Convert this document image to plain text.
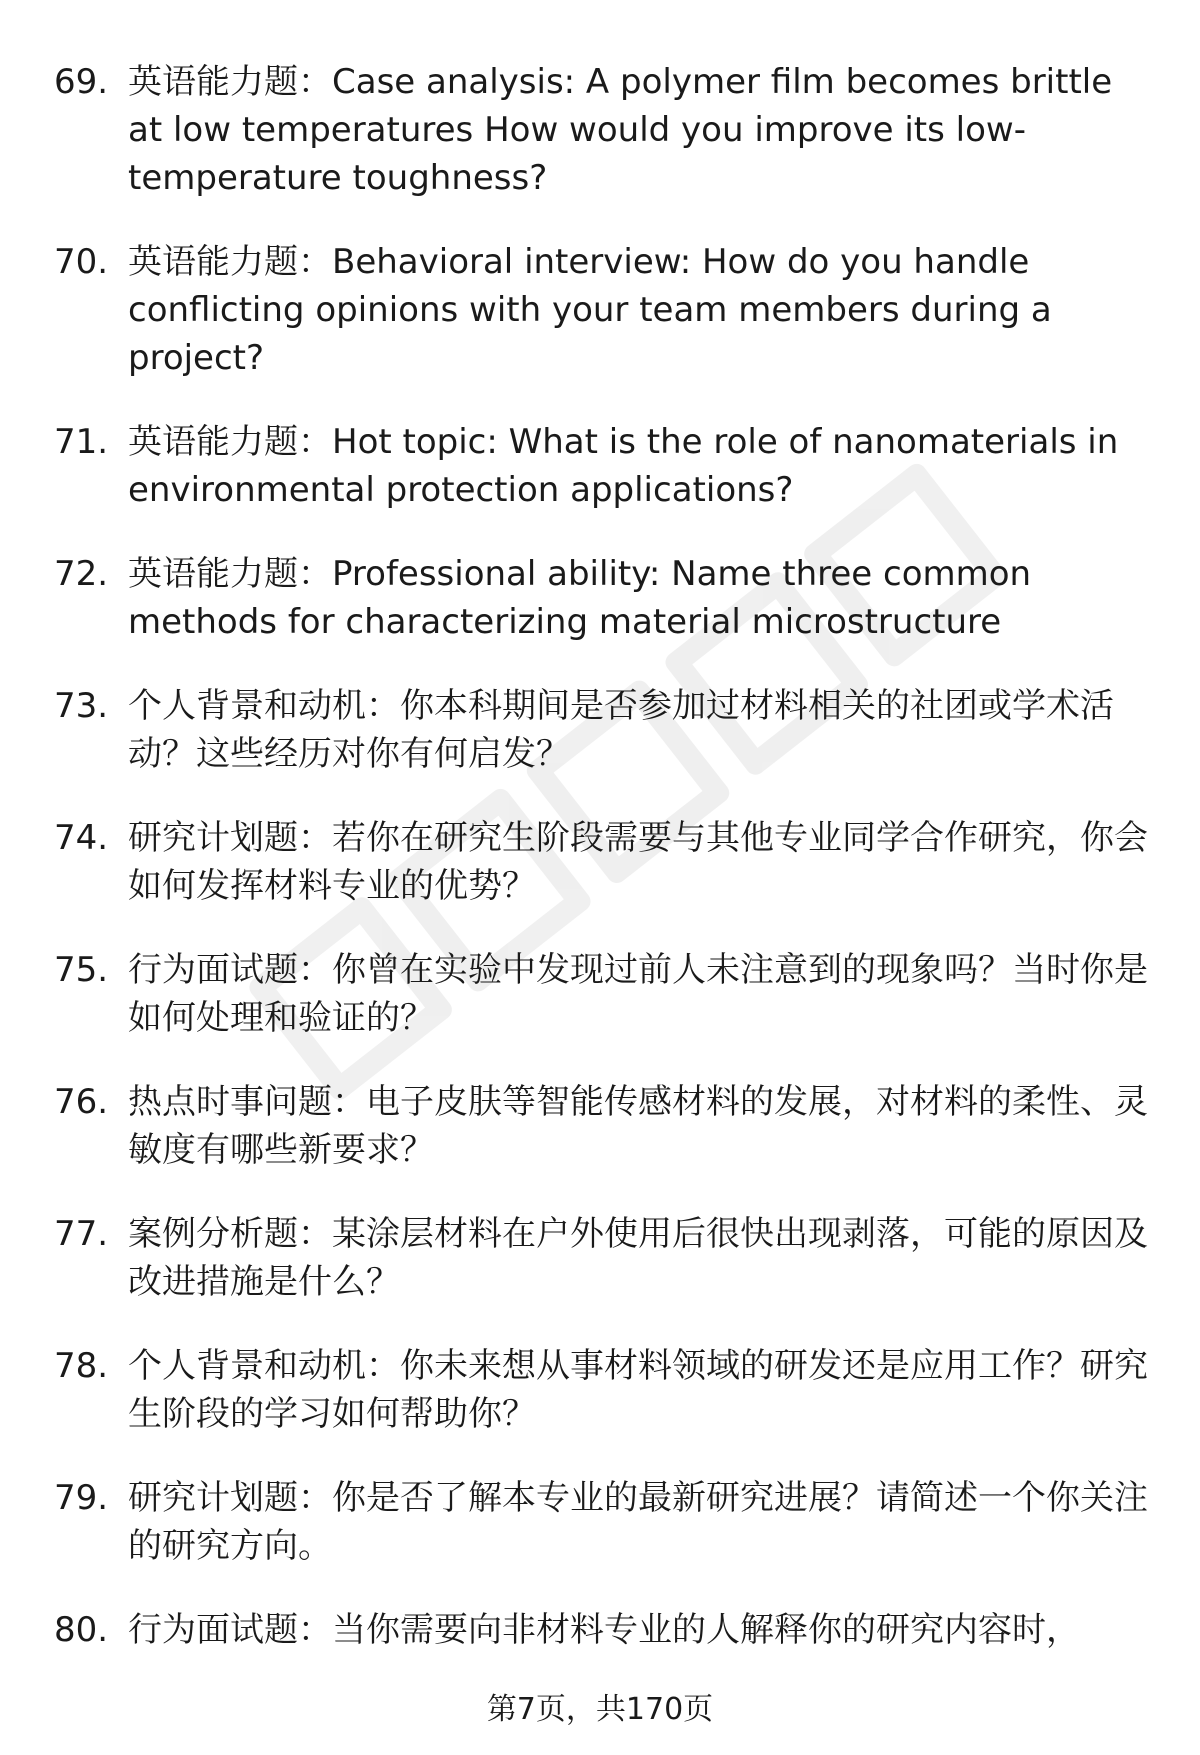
69. 英语能力题：Case analysis: A polymer film becomes brittle at low temperatures How would you improve its low-temperature toughness?
70. 英语能力题：Behavioral interview: How do you handle conflicting opinions with your team members during a project?
71. 英语能力题：Hot topic: What is the role of nanomaterials in environmental protection applications?
72. 英语能力题：Professional ability: Name three common methods for characterizing material microstructure
73. 个人背景和动机：你本科期间是否参加过材料相关的社团或学术活动？这些经历对你有何启发？
74. 研究计划题：若你在研究生阶段需要与其他专业同学合作研究，你会如何发挥材料专业的优势？
75. 行为面试题：你曾在实验中发现过前人未注意到的现象吗？当时你是如何处理和验证的？
76. 热点时事问题：电子皮肤等智能传感材料的发展，对材料的柔性、灵敏度有哪些新要求？
77. 案例分析题：某涂层材料在户外使用后很快出现剥落，可能的原因及改进措施是什么？
78. 个人背景和动机：你未来想从事材料领域的研发还是应用工作？研究生阶段的学习如何帮助你？
79. 研究计划题：你是否了解本专业的最新研究进展？请简述一个你关注的研究方向。
80. 行为面试题：当你需要向非材料专业的人解释你的研究内容时，
第7页，共170页
